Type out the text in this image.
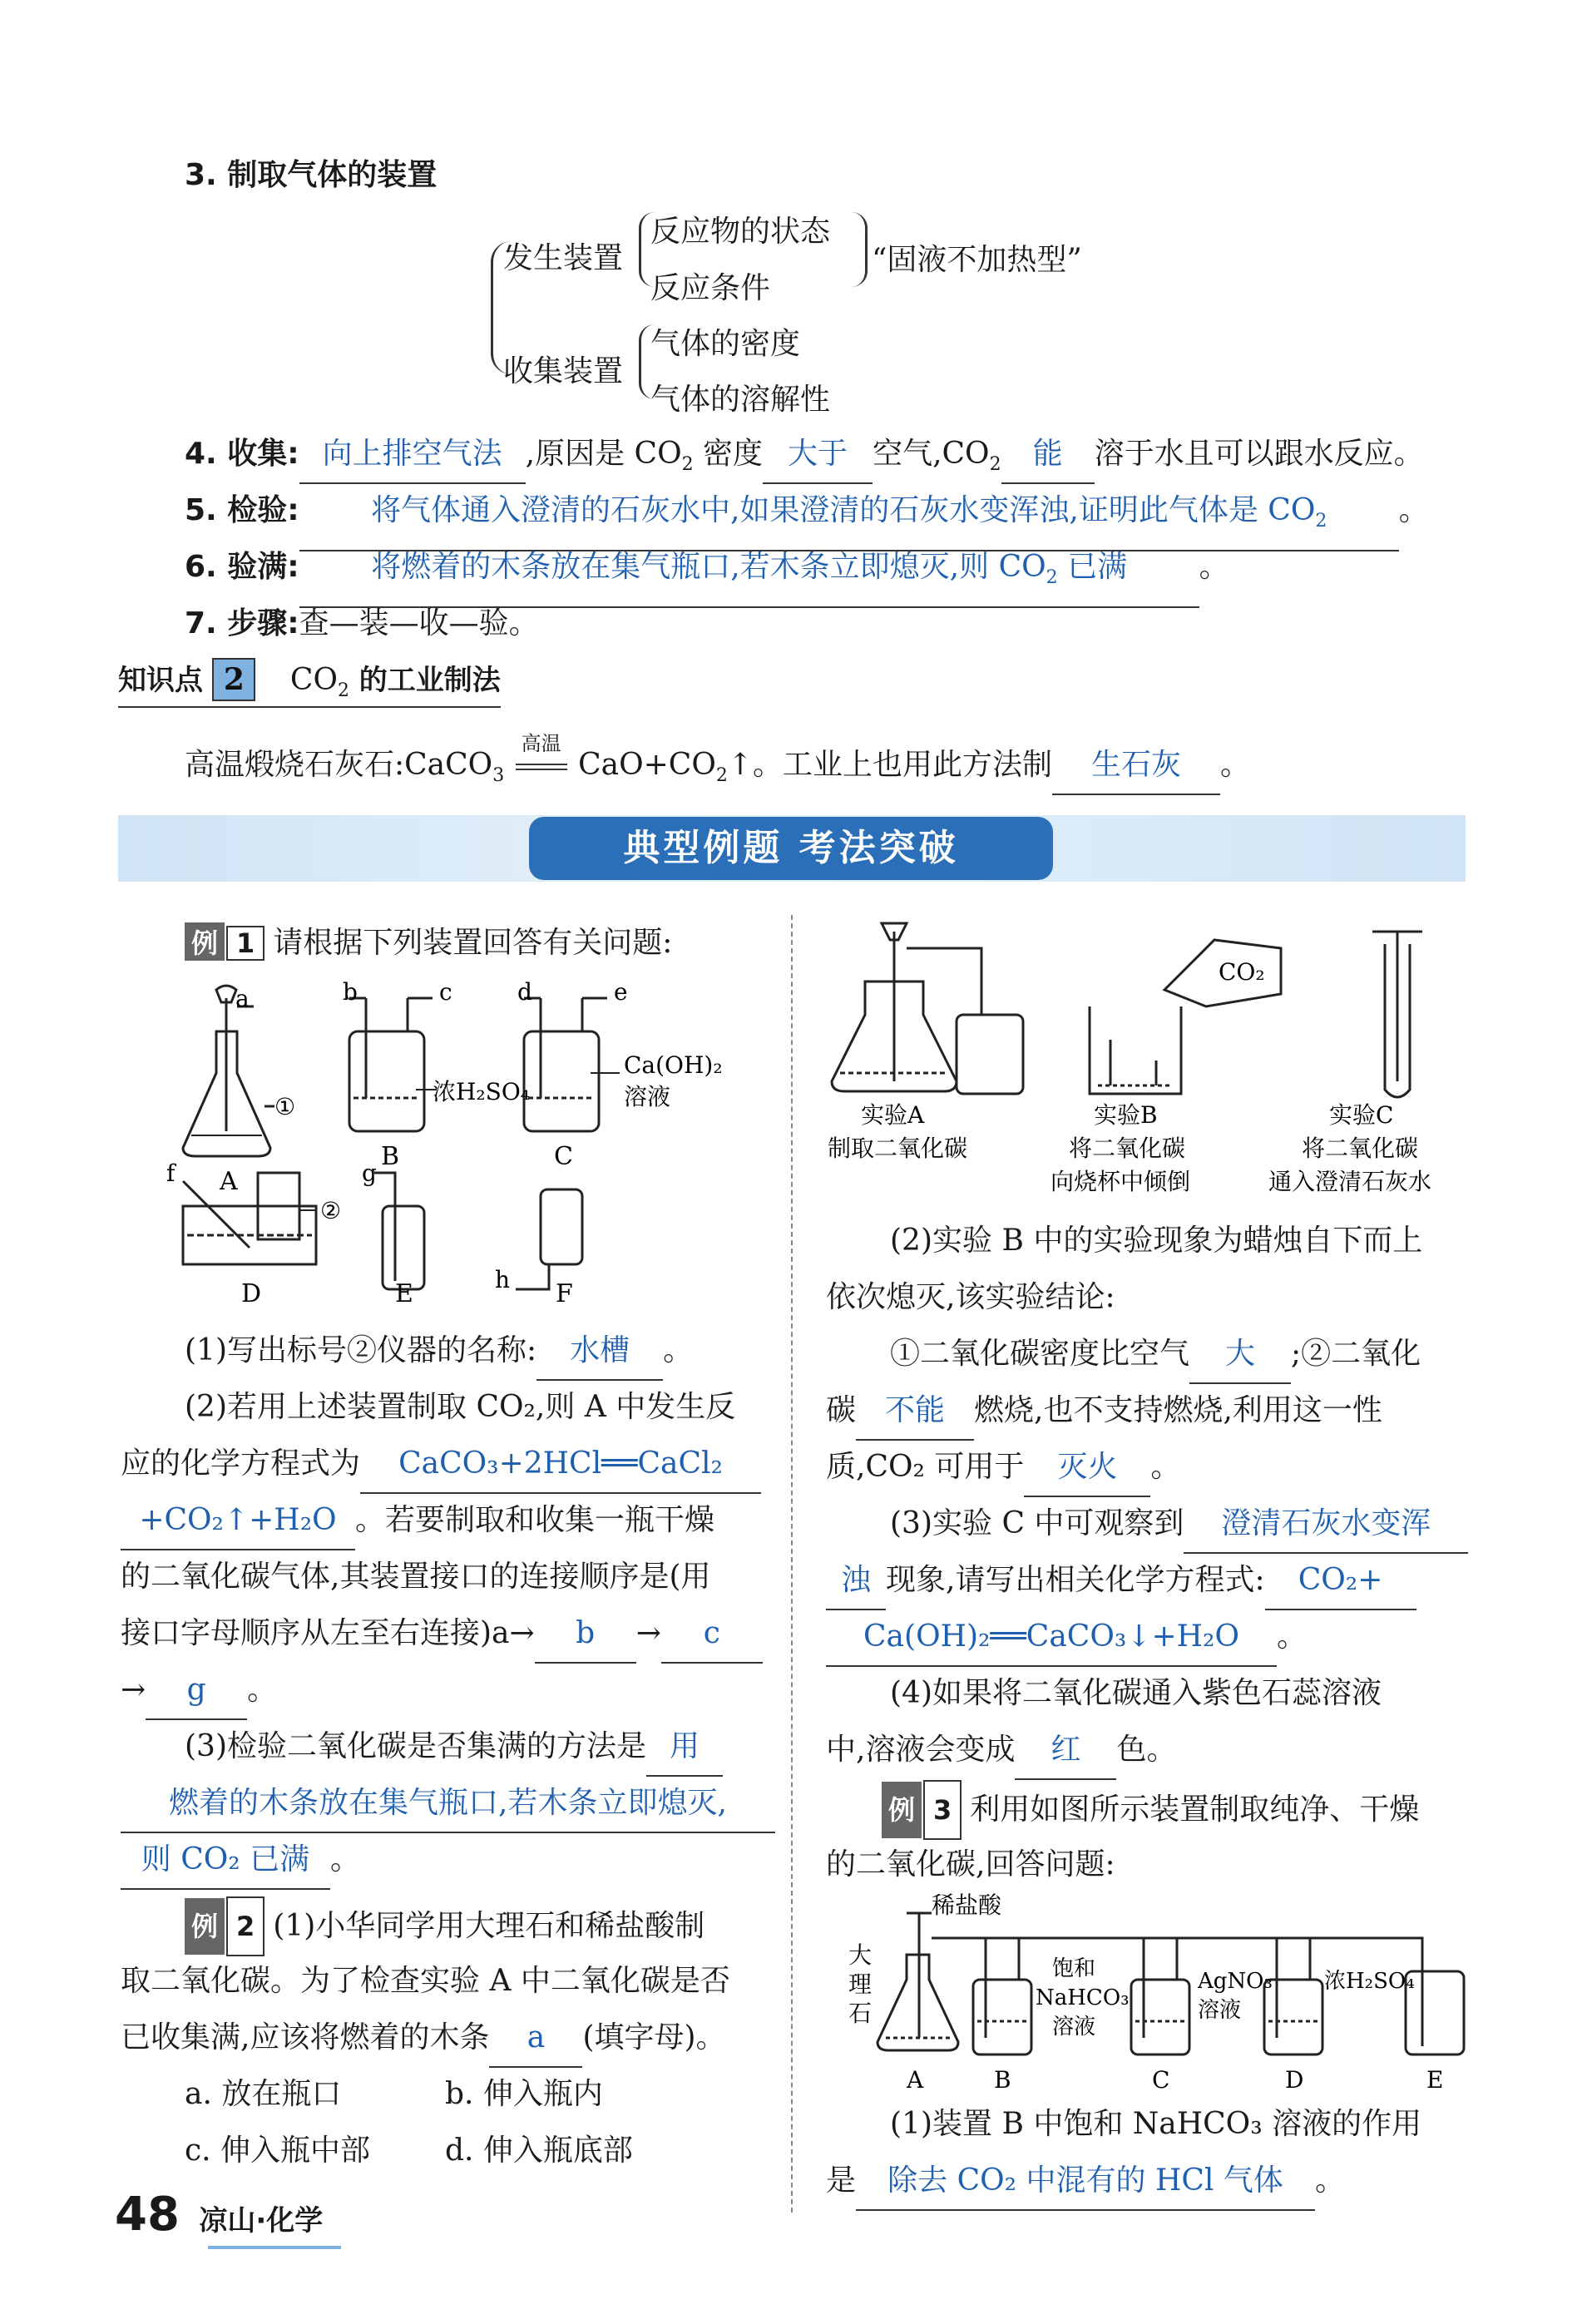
3. 制取气体的装置
发生装置
反应物的状态
反应条件
“固液不加热型”
收集装置
气体的密度
气体的溶解性
4. 收集: 向上排空气法 ,原因是 $CO_2$ 密度 大于 空气$,CO_2$ 能 溶于水且可以跟水反应。
5. 检验: 将气体通入澄清的石灰水中,如果澄清的石灰水变浑浊,证明此气体是 $CO_2$ 。
6. 验满: 将燃着的木条放在集气瓶口,若木条立即熄灭,则 $CO_2$ 已满 。
7. 步骤:查—装—收—验。
知识点 2 $CO_2$ 的工业制法
高温煅烧石灰石:CaCO$_3$
高温
$CaO+CO_2↑$。工业上也用此方法制 生石灰 。
典型例题 考法突破
例 1 请根据下列装置回答有关问题:
a
①
A
b	c
浓H₂SO₄
B
d	e
Ca(OH)₂
溶液
C
f
②
D
g
E	h F
(1)写出标号②仪器的名称: 水槽 。
(2)若用上述装置制取 CO₂,则 A 中发生反
应的化学方程式为 CaCO₃+2HCl══CaCl₂
+CO₂↑+H₂O 。若要制取和收集一瓶干燥
的二氧化碳气体,其装置接口的连接顺序是(用
接口字母顺序从左至右连接)a→ b → c
→ g 。
(3)检验二氧化碳是否集满的方法是 用
燃着的木条放在集气瓶口,若木条立即熄灭,
则 CO₂ 已满 。
例 2 (1)小华同学用大理石和稀盐酸制
取二氧化碳。为了检查实验 A 中二氧化碳是否
已收集满,应该将燃着的木条 a (填字母)。
a. 放在瓶口	b. 伸入瓶内
c. 伸入瓶中部 d. 伸入瓶底部
CO₂
实验A
制取二氧化碳
实验B
将二氧化碳
向烧杯中倾倒
实验C
将二氧化碳
通入澄清石灰水
(2)实验 B 中的实验现象为蜡烛自下而上
依次熄灭,该实验结论:
①二氧化碳密度比空气 大 ;②二氧化
碳 不能 燃烧,也不支持燃烧,利用这一性
质,CO₂ 可用于 灭火 。
(3)实验 C 中可观察到 澄清石灰水变浑
浊 现象,请写出相关化学方程式: CO₂+
Ca(OH)₂══CaCO₃↓+H₂O 。
(4)如果将二氧化碳通入紫色石蕊溶液
中,溶液会变成 红 色。
例 3 利用如图所示装置制取纯净、干燥
的二氧化碳,回答问题:
稀盐酸
大
理
石
饱和
NaHCO₃
溶液
AgNO₃
溶液
浓H₂SO₄
A	B	C	D	E
(1)装置 B 中饱和 NaHCO₃ 溶液的作用
是 除去 CO₂ 中混有的 HCl 气体 。
48 凉山·化学
